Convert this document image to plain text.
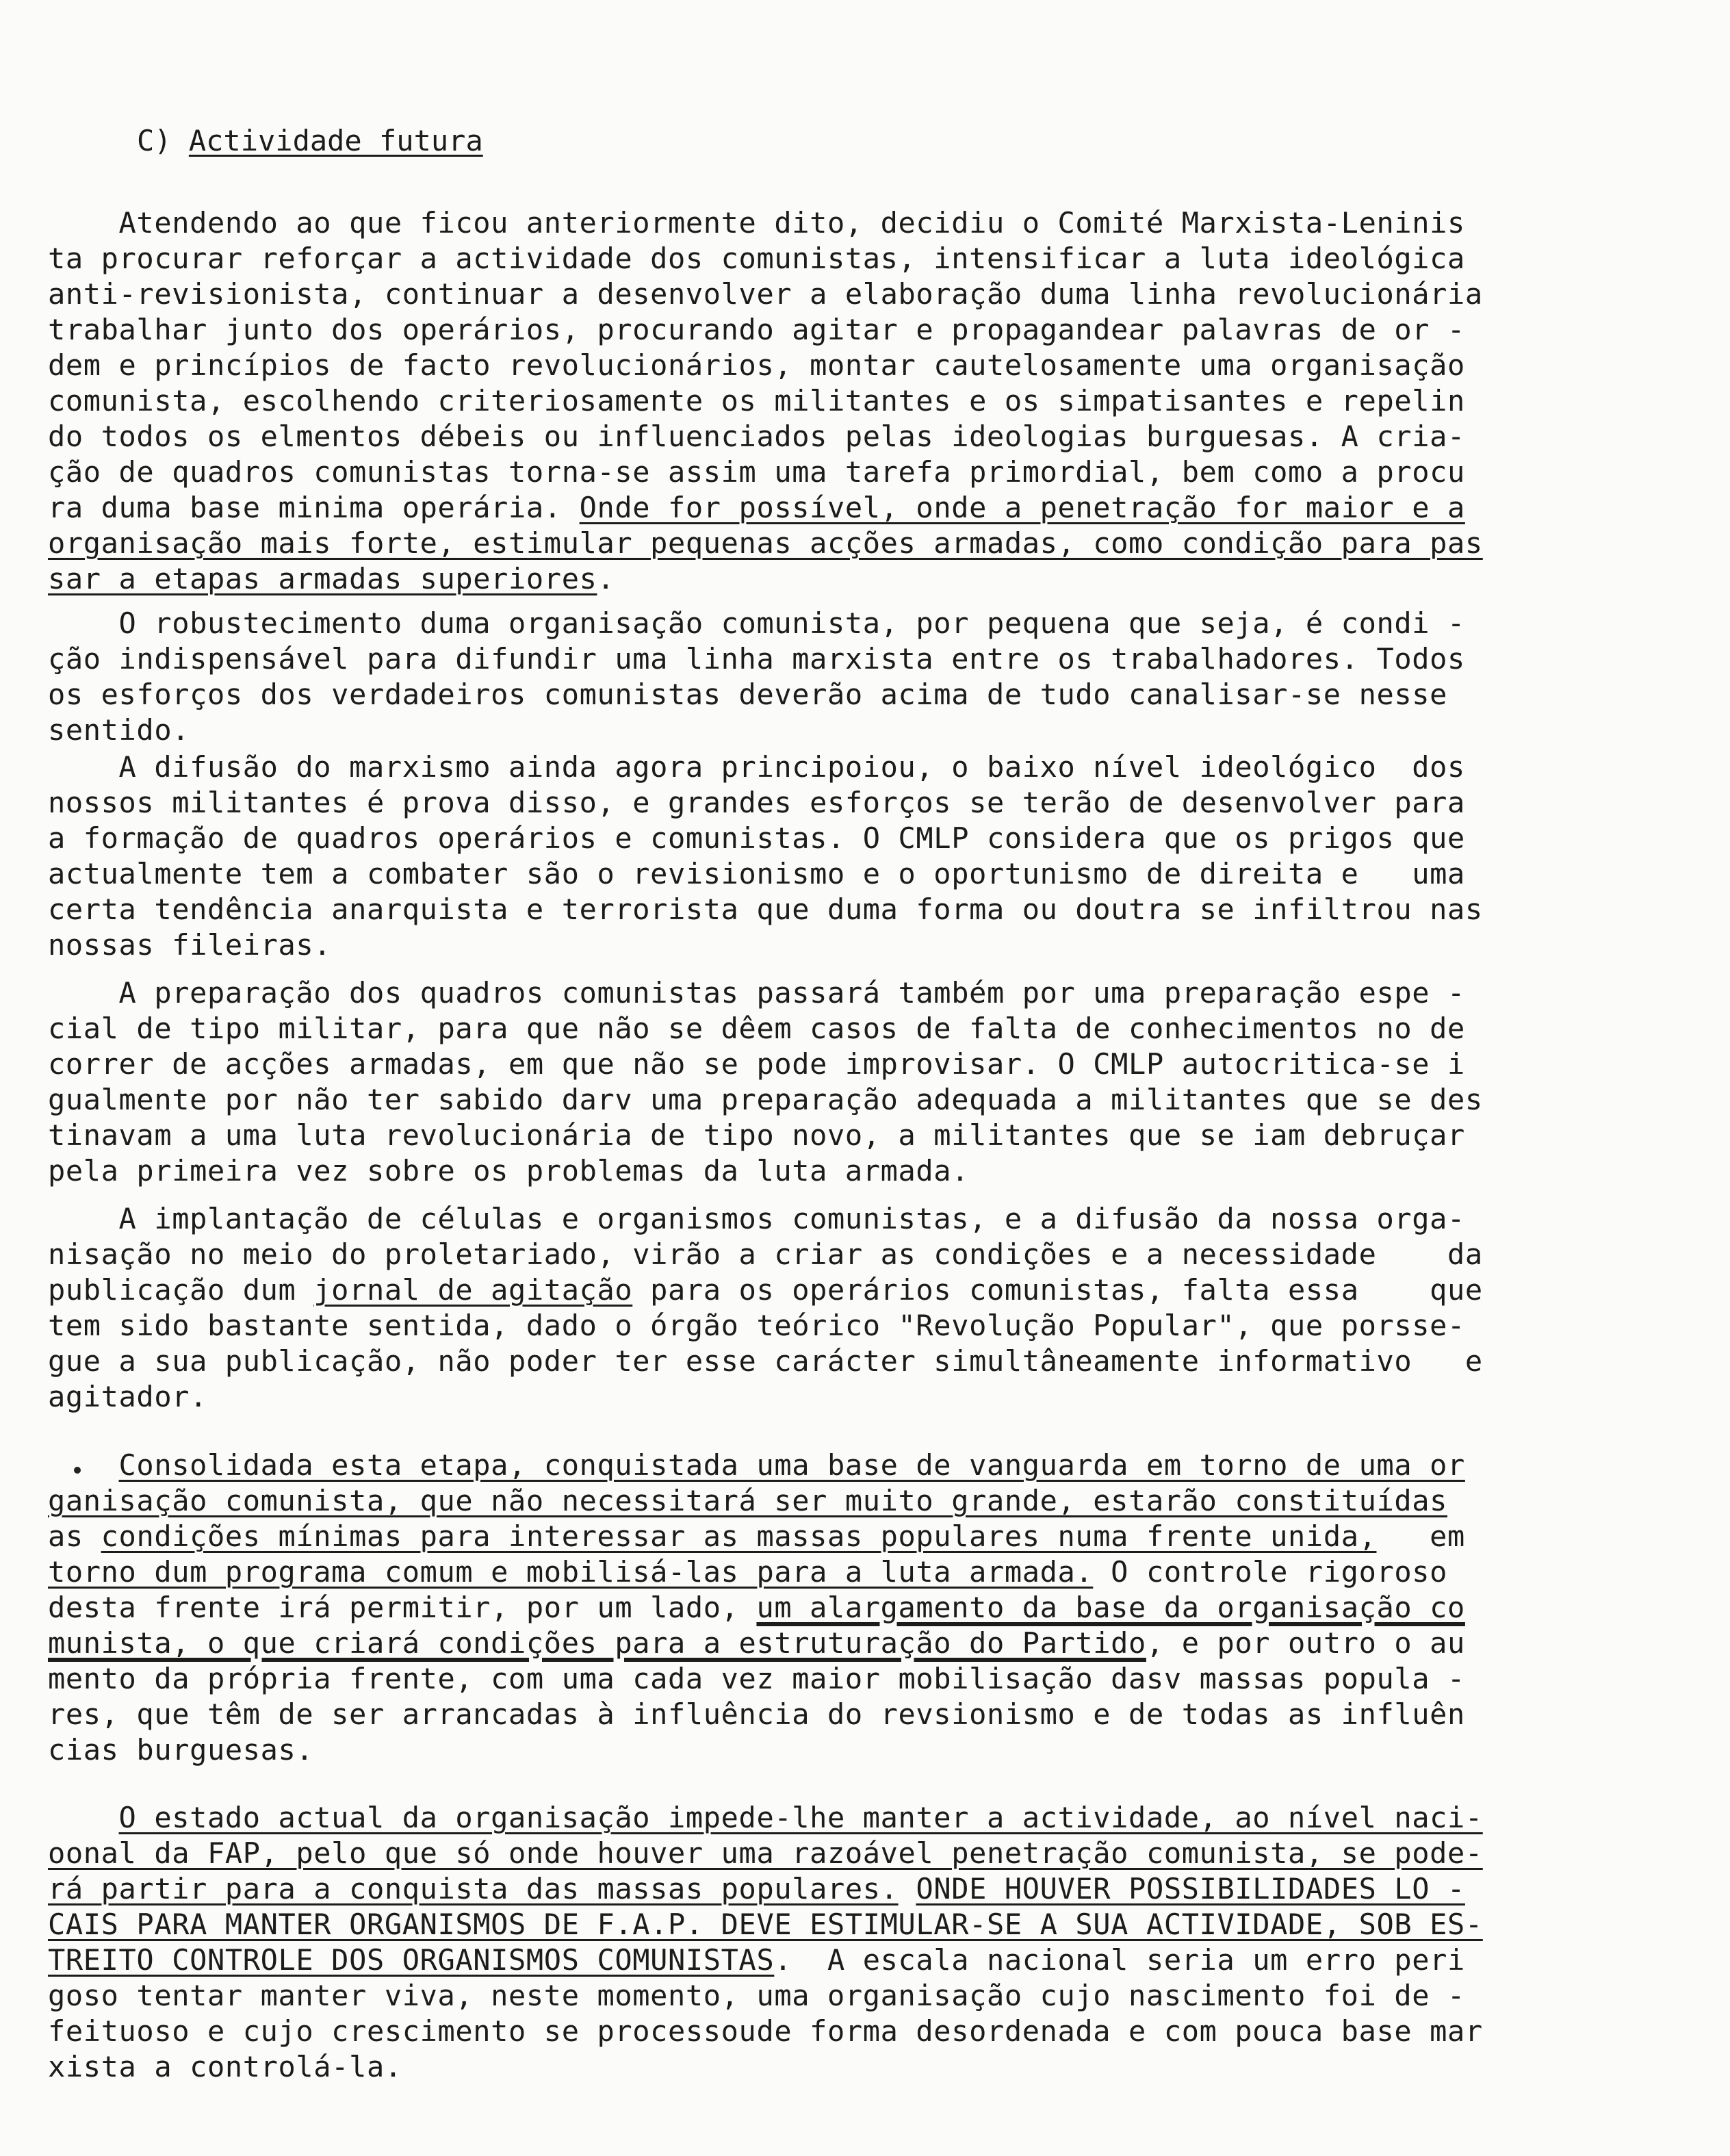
C) Actividade futura
Atendendo ao que ficou anteriormente dito, decidiu o Comité Marxista-Leninis
ta procurar reforçar a actividade dos comunistas, intensificar a luta ideológica
anti-revisionista, continuar a desenvolver a elaboração duma linha revolucionária
trabalhar junto dos operários, procurando agitar e propagandear palavras de or -
dem e princípios de facto revolucionários, montar cautelosamente uma organisação
comunista, escolhendo criteriosamente os militantes e os simpatisantes e repelin
do todos os elmentos débeis ou influenciados pelas ideologias burguesas. A cria-
ção de quadros comunistas torna-se assim uma tarefa primordial, bem como a procu
ra duma base minima operária. Onde for possível, onde a penetração for maior e a
organisação mais forte, estimular pequenas acções armadas, como condição para pas
sar a etapas armadas superiores.
O robustecimento duma organisação comunista, por pequena que seja, é condi -
ção indispensável para difundir uma linha marxista entre os trabalhadores. Todos
os esforços dos verdadeiros comunistas deverão acima de tudo canalisar-se nesse
sentido.
A difusão do marxismo ainda agora principoiou, o baixo nível ideológico  dos
nossos militantes é prova disso, e grandes esforços se terão de desenvolver para
a formação de quadros operários e comunistas. O CMLP considera que os prigos que
actualmente tem a combater são o revisionismo e o oportunismo de direita e   uma
certa tendência anarquista e terrorista que duma forma ou doutra se infiltrou nas
nossas fileiras.
A preparação dos quadros comunistas passará também por uma preparação espe -
cial de tipo militar, para que não se dêem casos de falta de conhecimentos no de
correr de acções armadas, em que não se pode improvisar. O CMLP autocritica-se i
gualmente por não ter sabido darv uma preparação adequada a militantes que se des
tinavam a uma luta revolucionária de tipo novo, a militantes que se iam debruçar
pela primeira vez sobre os problemas da luta armada.
A implantação de células e organismos comunistas, e a difusão da nossa orga-
nisação no meio do proletariado, virão a criar as condições e a necessidade    da
publicação dum jornal de agitação para os operários comunistas, falta essa    que
tem sido bastante sentida, dado o órgão teórico "Revolução Popular", que porsse-
gue a sua publicação, não poder ter esse carácter simultâneamente informativo   e
agitador.
Consolidada esta etapa, conquistada uma base de vanguarda em torno de uma or
ganisação comunista, que não necessitará ser muito grande, estarão constituídas
as condições mínimas para interessar as massas populares numa frente unida,   em
torno dum programa comum e mobilisá-las para a luta armada. O controle rigoroso
desta frente irá permitir, por um lado, um alargamento da base da organisação co
munista, o que criará condições para a estruturação do Partido, e por outro o au
mento da própria frente, com uma cada vez maior mobilisação dasv massas popula -
res, que têm de ser arrancadas à influência do revsionismo e de todas as influên
cias burguesas.
O estado actual da organisação impede-lhe manter a actividade, ao nível naci-
oonal da FAP, pelo que só onde houver uma razoável penetração comunista, se pode-
rá partir para a conquista das massas populares. ONDE HOUVER POSSIBILIDADES LO -
CAIS PARA MANTER ORGANISMOS DE F.A.P. DEVE ESTIMULAR-SE A SUA ACTIVIDADE, SOB ES-
TREITO CONTROLE DOS ORGANISMOS COMUNISTAS.  A escala nacional seria um erro peri
goso tentar manter viva, neste momento, uma organisação cujo nascimento foi de -
feituoso e cujo crescimento se processoude forma desordenada e com pouca base mar
xista a controlá-la.
